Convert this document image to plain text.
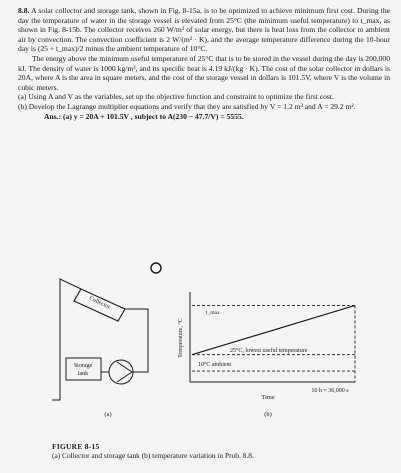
8.8. A solar collector and storage tank, shown in Fig. 8-15a, is to be optimized to achieve minimum first cost. During the day the temperature of water in the storage vessel is elevated from 25°C (the minimum useful temperature) to t_max, as shown in Fig. 8-15b. The collector receives 260 W/m² of solar energy, but there is heat loss from the collector to ambient air by convection. The convection coefficient is 2 W/(m² · K), and the average temperature difference during the 10-hour day is (25 + t_max)/2 minus the ambient temperature of 10°C.

The energy above the minimum useful temperature of 25°C that is to be stored in the vessel during the day is 200,000 kJ. The density of water is 1000 kg/m³, and its specific heat is 4.19 kJ/(kg · K). The cost of the solar collector in dollars is 20A, where A is the area in square meters, and the cost of the storage vessel in dollars is 101.5V, where V is the volume in cubic meters.

(a) Using A and V as the variables, set up the objective function and constraint to optimize the first cost.

(b) Develop the Lagrange multiplier equations and verify that they are satisfied by V = 1.2 m³ and A = 29.2 m².

Ans.: (a) y = 20A + 101.5V , subject to A(230 − 47.7/V) = 5555.

Collector
Storage
tank
(a)
Temperature, °C
Time
10 h = 36,000 s
t_max
25°C, lowest useful temperature
10°C ambient
(b)
FIGURE 8-15
(a) Collector and storage tank (b) temperature variation in Prob. 8.8.
